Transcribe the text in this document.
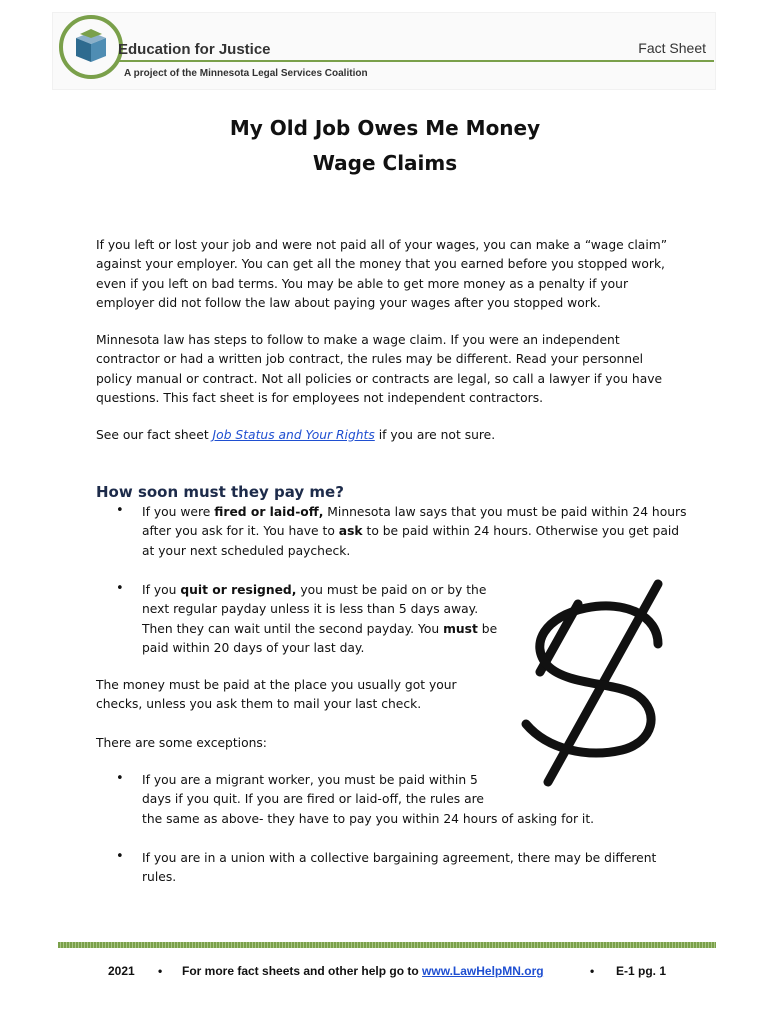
Education for Justice
A project of the Minnesota Legal Services Coalition
Fact Sheet
My Old Job Owes Me Money
Wage Claims
If you left or lost your job and were not paid all of your wages, you can make a “wage claim”
against your employer. You can get all the money that you earned before you stopped work,
even if you left on bad terms. You may be able to get more money as a penalty if your
employer did not follow the law about paying your wages after you stopped work.
Minnesota law has steps to follow to make a wage claim. If you were an independent
contractor or had a written job contract, the rules may be different. Read your personnel
policy manual or contract. Not all policies or contracts are legal, so call a lawyer if you have
questions. This fact sheet is for employees not independent contractors.
See our fact sheet Job Status and Your Rights if you are not sure.
How soon must they pay me?
• If you were fired or laid-off, Minnesota law says that you must be paid within 24 hours
after you ask for it. You have to ask to be paid within 24 hours. Otherwise you get paid
at your next scheduled paycheck.
• If you quit or resigned, you must be paid on or by the
next regular payday unless it is less than 5 days away.
Then they can wait until the second payday. You must be
paid within 20 days of your last day.
The money must be paid at the place you usually got your
checks, unless you ask them to mail your last check.
There are some exceptions:
• If you are a migrant worker, you must be paid within 5
days if you quit. If you are fired or laid-off, the rules are
the same as above- they have to pay you within 24 hours of asking for it.
• If you are in a union with a collective bargaining agreement, there may be different
rules.
2021 • For more fact sheets and other help go to www.LawHelpMN.org	• E-1 pg. 1
